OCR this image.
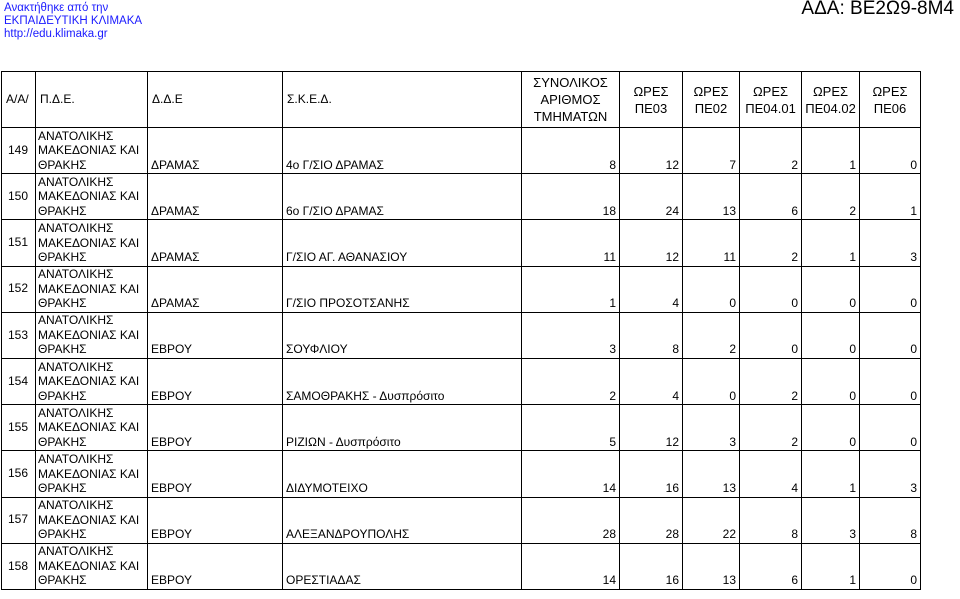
Ανακτήθηκε από την
ΕΚΠΑΙΔΕΥΤΙΚΗ ΚΛΙΜΑΚΑ
http://edu.klimaka.gr
ΑΔΑ: ΒΕ2Ω9-8Μ4
Α/Α/	Π.Δ.Ε.	Δ.Δ.Ε	Σ.Κ.Ε.Δ.	ΣΥΝΟΛΙΚΟΣ ΑΡΙΘΜΟΣ ΤΜΗΜΑΤΩΝ	ΩΡΕΣ ΠΕ03	ΩΡΕΣ ΠΕ02	ΩΡΕΣ ΠΕ04.01	ΩΡΕΣ ΠΕ04.02	ΩΡΕΣ ΠΕ06
149	ΑΝΑΤΟΛΙΚΗΣ ΜΑΚΕΔΟΝΙΑΣ ΚΑΙ ΘΡΑΚΗΣ	ΔΡΑΜΑΣ	4ο Γ/ΣΙΟ ΔΡΑΜΑΣ	8	12	7	2	1	0
150	ΑΝΑΤΟΛΙΚΗΣ ΜΑΚΕΔΟΝΙΑΣ ΚΑΙ ΘΡΑΚΗΣ	ΔΡΑΜΑΣ	6ο Γ/ΣΙΟ ΔΡΑΜΑΣ	18	24	13	6	2	1
151	ΑΝΑΤΟΛΙΚΗΣ ΜΑΚΕΔΟΝΙΑΣ ΚΑΙ ΘΡΑΚΗΣ	ΔΡΑΜΑΣ	Γ/ΣΙΟ ΑΓ. ΑΘΑΝΑΣΙΟΥ	11	12	11	2	1	3
152	ΑΝΑΤΟΛΙΚΗΣ ΜΑΚΕΔΟΝΙΑΣ ΚΑΙ ΘΡΑΚΗΣ	ΔΡΑΜΑΣ	Γ/ΣΙΟ ΠΡΟΣΟΤΣΑΝΗΣ	1	4	0	0	0	0
153	ΑΝΑΤΟΛΙΚΗΣ ΜΑΚΕΔΟΝΙΑΣ ΚΑΙ ΘΡΑΚΗΣ	ΕΒΡΟΥ	ΣΟΥΦΛΙΟΥ	3	8	2	0	0	0
154	ΑΝΑΤΟΛΙΚΗΣ ΜΑΚΕΔΟΝΙΑΣ ΚΑΙ ΘΡΑΚΗΣ	ΕΒΡΟΥ	ΣΑΜΟΘΡΑΚΗΣ - Δυσπρόσιτο	2	4	0	2	0	0
155	ΑΝΑΤΟΛΙΚΗΣ ΜΑΚΕΔΟΝΙΑΣ ΚΑΙ ΘΡΑΚΗΣ	ΕΒΡΟΥ	ΡΙΖΙΩΝ - Δυσπρόσιτο	5	12	3	2	0	0
156	ΑΝΑΤΟΛΙΚΗΣ ΜΑΚΕΔΟΝΙΑΣ ΚΑΙ ΘΡΑΚΗΣ	ΕΒΡΟΥ	ΔΙΔΥΜΟΤΕΙΧΟ	14	16	13	4	1	3
157	ΑΝΑΤΟΛΙΚΗΣ ΜΑΚΕΔΟΝΙΑΣ ΚΑΙ ΘΡΑΚΗΣ	ΕΒΡΟΥ	ΑΛΕΞΑΝΔΡΟΥΠΟΛΗΣ	28	28	22	8	3	8
158	ΑΝΑΤΟΛΙΚΗΣ ΜΑΚΕΔΟΝΙΑΣ ΚΑΙ ΘΡΑΚΗΣ	ΕΒΡΟΥ	ΟΡΕΣΤΙΑΔΑΣ	14	16	13	6	1	0
